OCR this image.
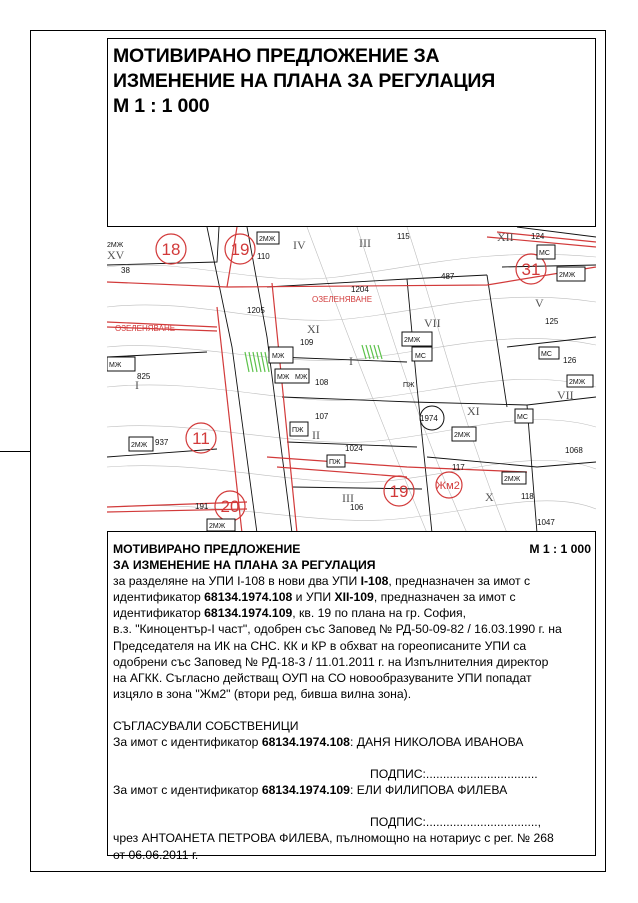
МОТИВИРАНО ПРЕДЛОЖЕНИЕ ЗА
ИЗМЕНЕНИЕ НА ПЛАНА ЗА РЕГУЛАЦИЯ
М 1 : 1 000
18	19
31
11
20
19
ОЗЕЛЕНЯВАНЕ
ОЗЕЛЕНЯВАНЕ
Жм2
110
115	124
487
1204
1205
109
108
107
1024
106
1974
117
118
1047
1068
126
125
825
937
191
38
IV	III	XII
VII
XI
I
II
XI
X
III
VII
V
I
XV
2МЖ
2МЖ
МС
2МЖ
2МЖ
МС
МЖ
МЖ МЖ
МЖ
ПЖ
ПЖ
ПЖ
2МЖ
МС
2МЖ
2МЖ
2МЖ
МС
2МЖ
МОТИВИРАНО ПРЕДЛОЖЕНИЕ	М 1 : 1 000
ЗА ИЗМЕНЕНИЕ НА ПЛАНА ЗА РЕГУЛАЦИЯ

за разделяне на УПИ І-108 в нови два УПИ І-108, предназначен за имот с

идентификатор 68134.1974.108 и УПИ ХІІ-109, предназначен за имот с

идентификатор 68134.1974.109, кв. 19 по плана на гр. София,

в.з. "Киноцентър-І част", одобрен със Заповед № РД-50-09-82 / 16.03.1990 г. на

Председателя на ИК на СНС. КК и КР в обхват на гореописаните УПИ са

одобрени със Заповед № РД-18-3 / 11.01.2011 г. на Изпълнителния директор

на АГКК. Съгласно действащ ОУП на СО новообразуваните УПИ попадат

изцяло в зона "Жм2" (втори ред, бивша вилна зона).

СЪГЛАСУВАЛИ СОБСТВЕНИЦИ

За имот с идентификатор 68134.1974.108: ДАНЯ НИКОЛОВА ИВАНОВА

ПОДПИС:.................................

За имот с идентификатор 68134.1974.109: ЕЛИ ФИЛИПОВА ФИЛЕВА

ПОДПИС:.................................,

чрез АНТОАНЕТА ПЕТРОВА ФИЛЕВА, пълномощно на нотариус с рег. № 268

от 06.06.2011 г.
